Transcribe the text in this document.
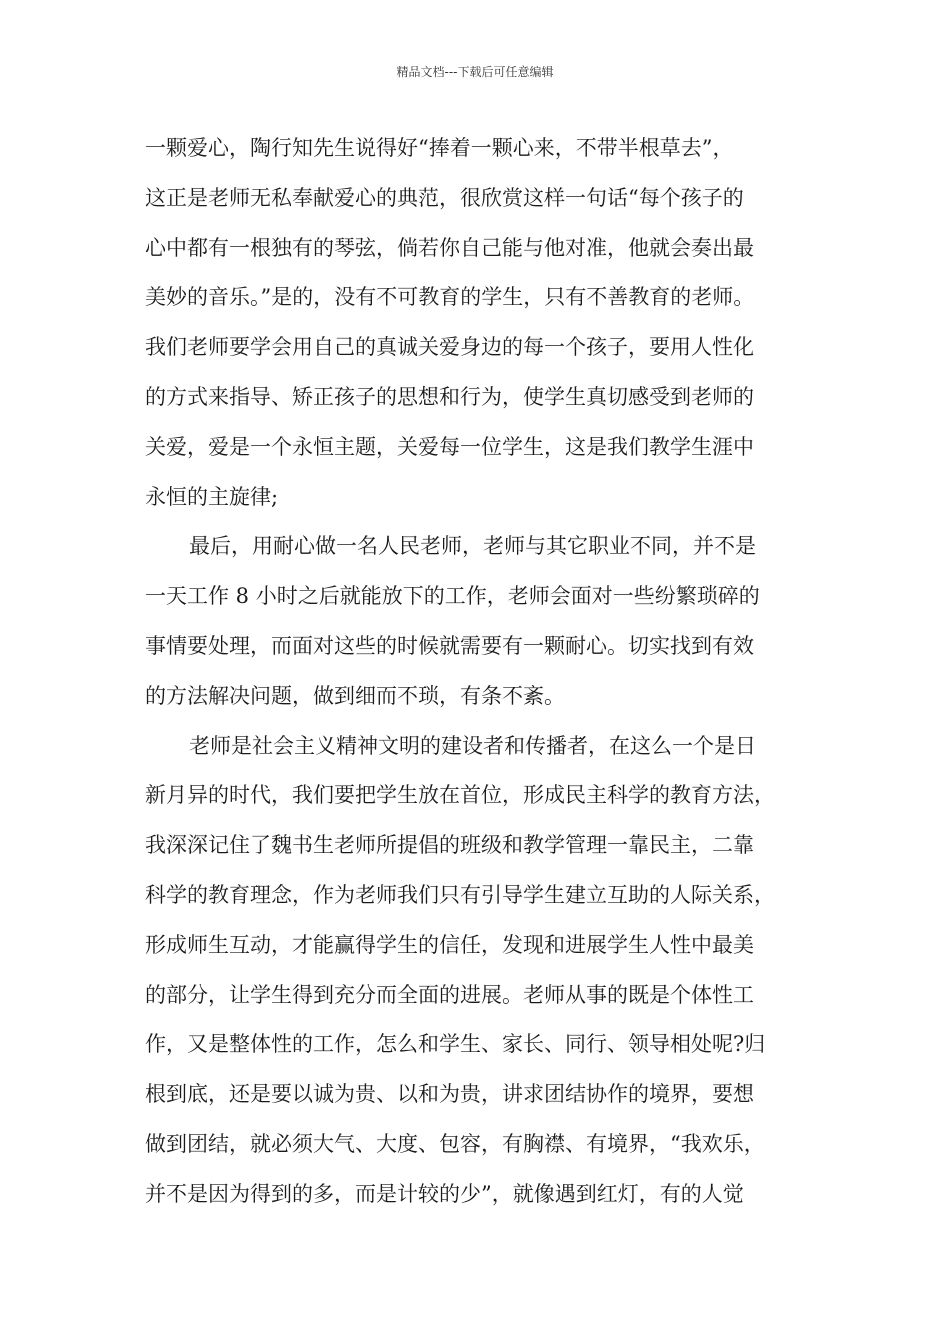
精品文档---下载后可任意编辑
一颗爱心，陶行知先生说得好“捧着一颗心来，不带半根草去”，
这正是老师无私奉献爱心的典范，很欣赏这样一句话“每个孩子的
心中都有一根独有的琴弦，倘若你自己能与他对准，他就会奏出最
美妙的音乐。”是的，没有不可教育的学生，只有不善教育的老师。
我们老师要学会用自己的真诚关爱身边的每一个孩子，要用人性化
的方式来指导、矫正孩子的思想和行为，使学生真切感受到老师的
关爱，爱是一个永恒主题，关爱每一位学生，这是我们教学生涯中
永恒的主旋律;
最后，用耐心做一名人民老师，老师与其它职业不同，并不是
一天工作 8 小时之后就能放下的工作，老师会面对一些纷繁琐碎的
事情要处理，而面对这些的时候就需要有一颗耐心。切实找到有效
的方法解决问题，做到细而不琐，有条不紊。
老师是社会主义精神文明的建设者和传播者，在这么一个是日
新月异的时代，我们要把学生放在首位，形成民主科学的教育方法，
我深深记住了魏书生老师所提倡的班级和教学管理一靠民主，二靠
科学的教育理念，作为老师我们只有引导学生建立互助的人际关系，
形成师生互动，才能赢得学生的信任，发现和进展学生人性中最美
的部分，让学生得到充分而全面的进展。老师从事的既是个体性工
作，又是整体性的工作，怎么和学生、家长、同行、领导相处呢?归
根到底，还是要以诚为贵、以和为贵，讲求团结协作的境界，要想
做到团结，就必须大气、大度、包容，有胸襟、有境界，“我欢乐，
并不是因为得到的多，而是计较的少”，就像遇到红灯，有的人觉
